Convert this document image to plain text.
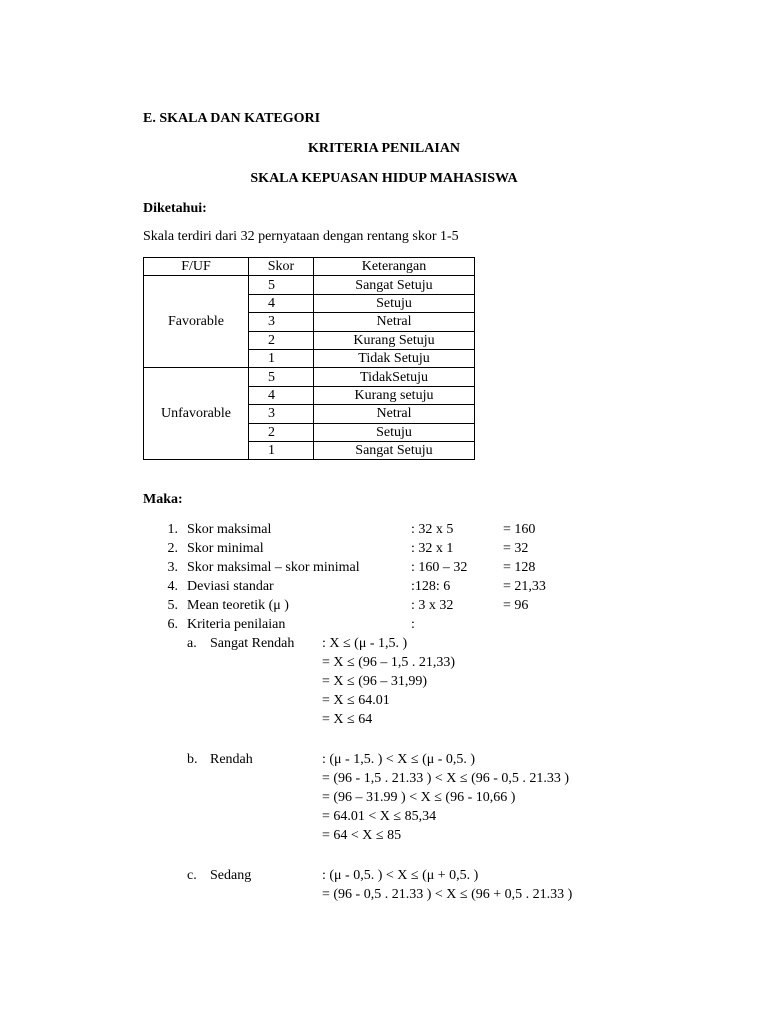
E. SKALA DAN KATEGORI
KRITERIA PENILAIAN
SKALA KEPUASAN HIDUP MAHASISWA
Diketahui:
Skala terdiri dari 32 pernyataan dengan rentang skor 1-5
F/UF	Skor	Keterangan
Favorable	5	Sangat Setuju
	4	Setuju
	3	Netral
	2	Kurang Setuju
	1	Tidak Setuju
Unfavorable	5	TidakSetuju
	4	Kurang setuju
	3	Netral
	2	Setuju
	1	Sangat Setuju
Maka:
1. Skor maksimal	: 32 x 5	= 160
2. Skor minimal	: 32 x 1	= 32
3. Skor maksimal – skor minimal	: 160 – 32	= 128
4. Deviasi standar	:128: 6	= 21,33
5. Mean teoretik (μ )	: 3 x 32	= 96
6. Kriteria penilaian	:
a. Sangat Rendah : X ≤ (μ - 1,5. )
= X ≤ (96 – 1,5 . 21,33)
= X ≤ (96 – 31,99)
= X ≤ 64.01
= X ≤ 64
b. Rendah	: (μ - 1,5. ) < X ≤ (μ - 0,5. )
= (96 - 1,5 . 21.33 ) < X ≤ (96 - 0,5 . 21.33 )
= (96 – 31.99 ) < X ≤ (96 - 10,66 )
= 64.01 < X ≤ 85,34
= 64 < X ≤ 85
c. Sedang	: (μ - 0,5. ) < X ≤ (μ + 0,5. )
= (96 - 0,5 . 21.33 ) < X ≤ (96 + 0,5 . 21.33 )
